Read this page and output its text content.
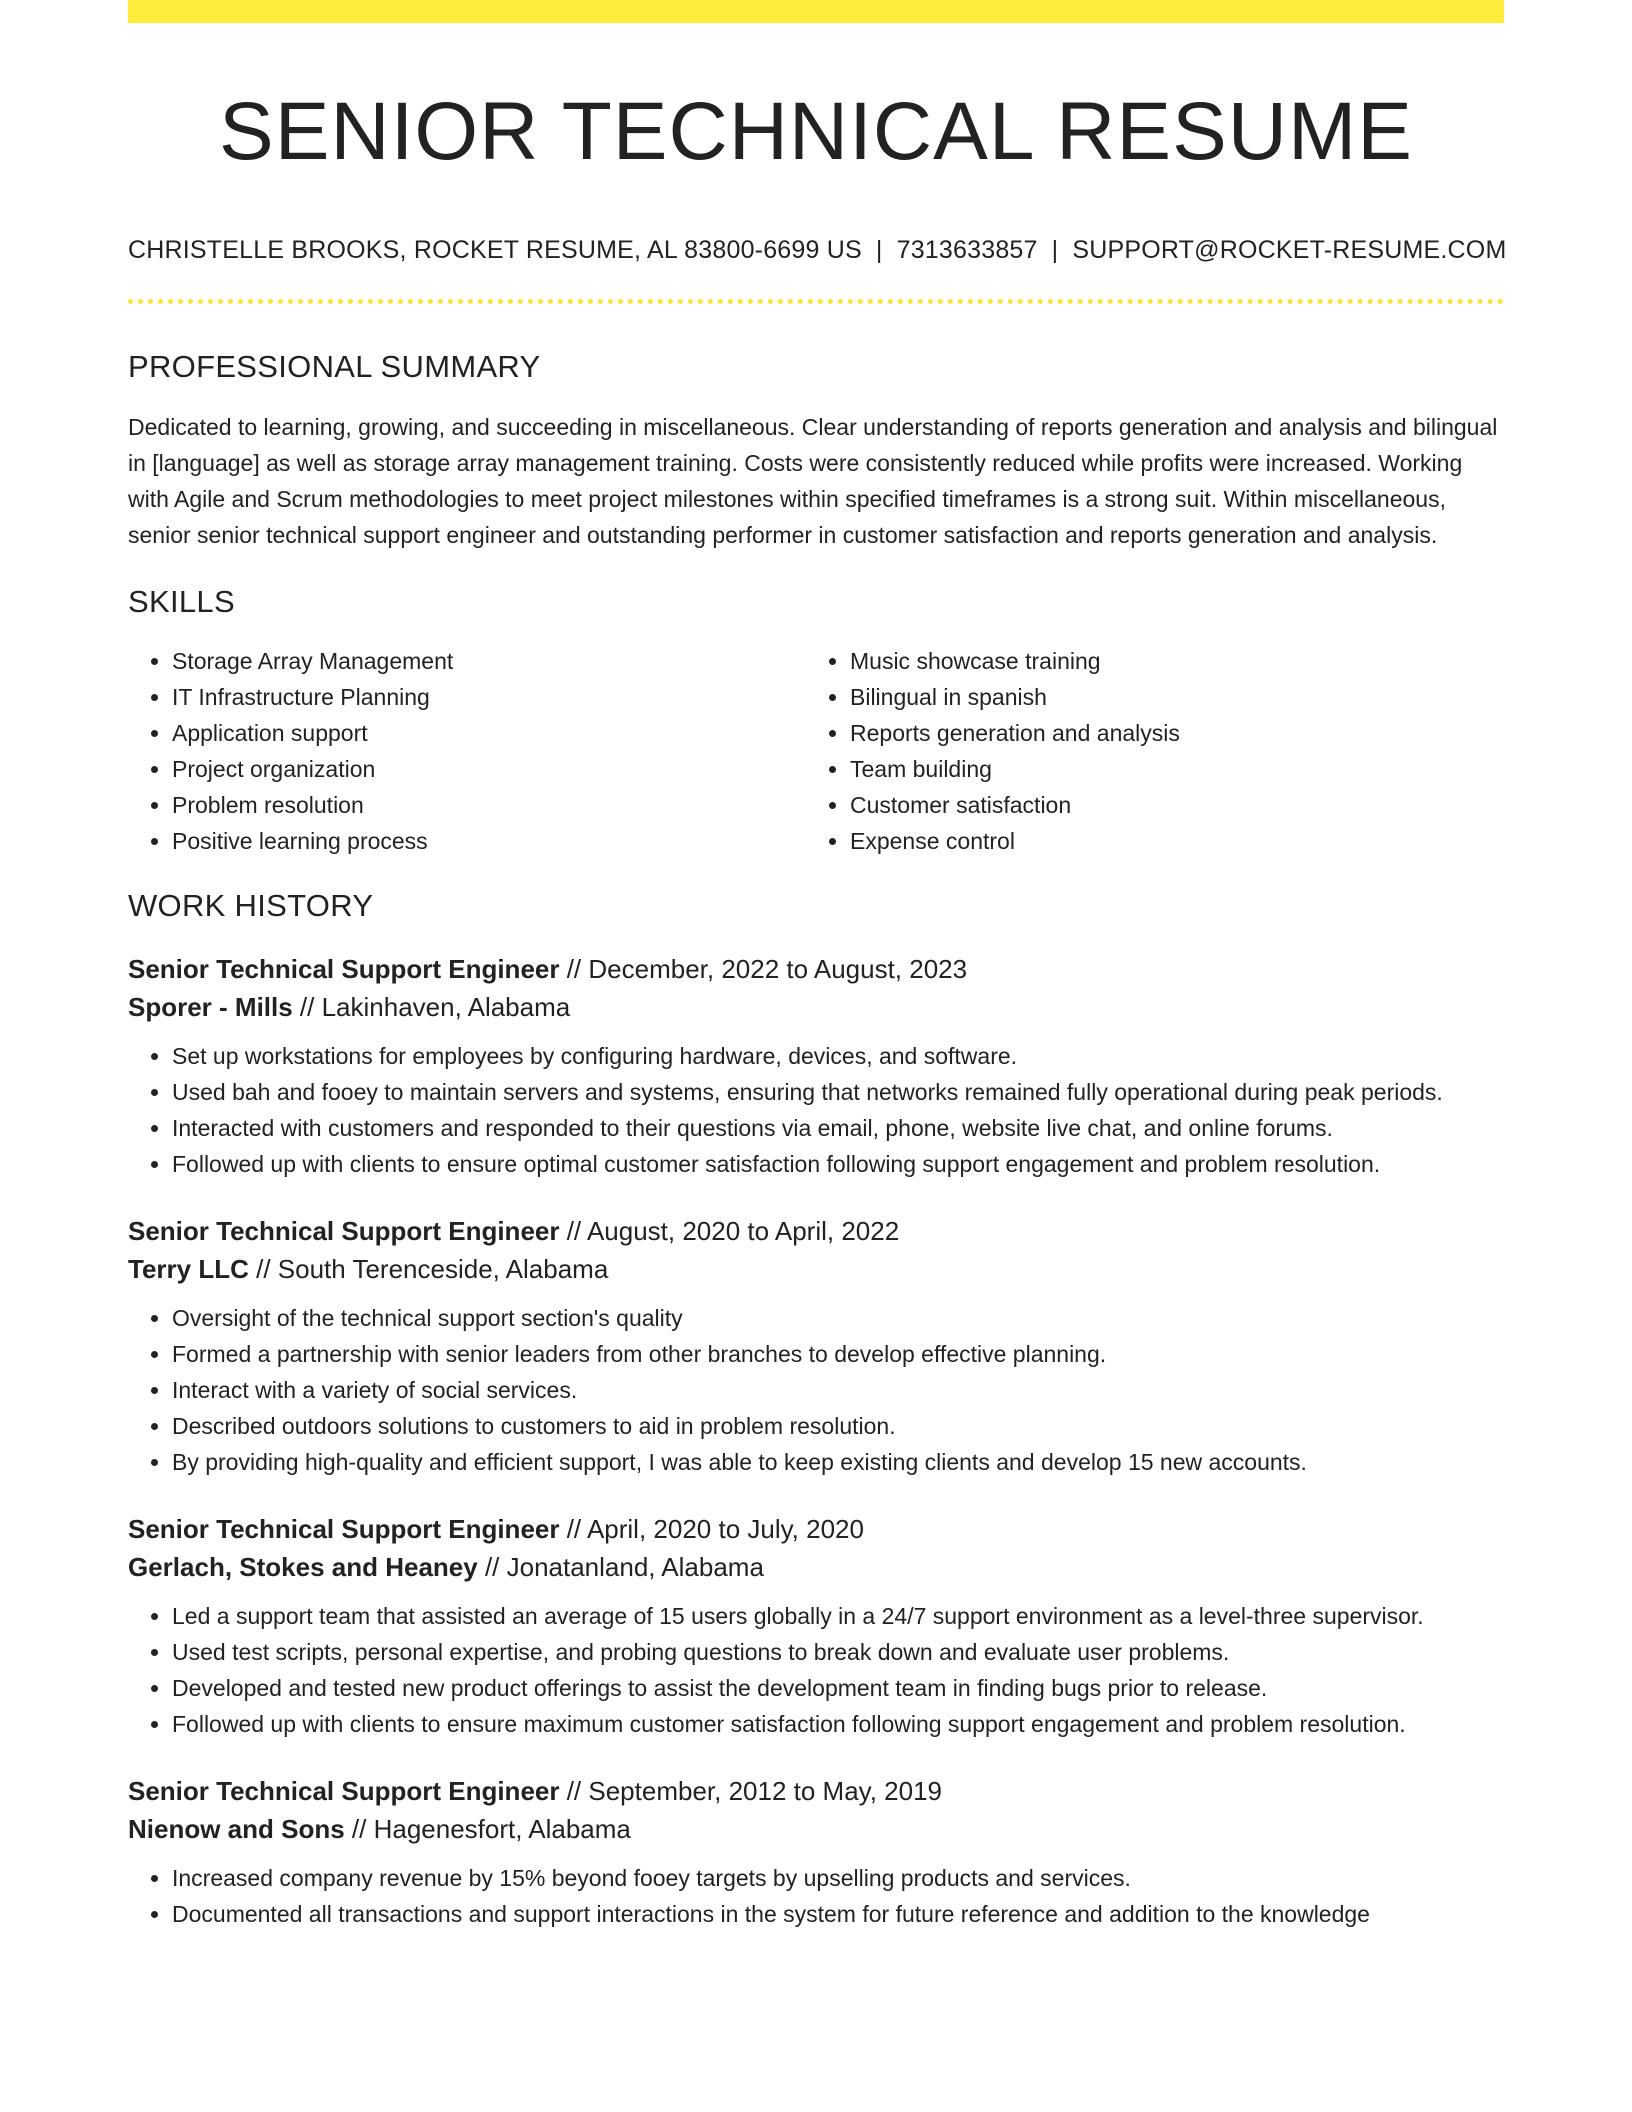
SENIOR TECHNICAL RESUME
CHRISTELLE BROOKS, ROCKET RESUME, AL 83800-6699 US | 7313633857 | SUPPORT@ROCKET-RESUME.COM
PROFESSIONAL SUMMARY

Dedicated to learning, growing, and succeeding in miscellaneous. Clear understanding of reports generation and analysis and bilingual in [language] as well as storage array management training. Costs were consistently reduced while profits were increased. Working with Agile and Scrum methodologies to meet project milestones within specified timeframes is a strong suit. Within miscellaneous, senior senior technical support engineer and outstanding performer in customer satisfaction and reports generation and analysis.

SKILLS
• Storage Array Management
• IT Infrastructure Planning
• Application support
• Project organization
• Problem resolution
• Positive learning process
• Music showcase training
• Bilingual in spanish
• Reports generation and analysis
• Team building
• Customer satisfaction
• Expense control
WORK HISTORY
Senior Technical Support Engineer // December, 2022 to August, 2023
Sporer - Mills // Lakinhaven, Alabama
• Set up workstations for employees by configuring hardware, devices, and software.
• Used bah and fooey to maintain servers and systems, ensuring that networks remained fully operational during peak periods.
• Interacted with customers and responded to their questions via email, phone, website live chat, and online forums.
• Followed up with clients to ensure optimal customer satisfaction following support engagement and problem resolution.
Senior Technical Support Engineer // August, 2020 to April, 2022
Terry LLC // South Terenceside, Alabama
• Oversight of the technical support section's quality
• Formed a partnership with senior leaders from other branches to develop effective planning.
• Interact with a variety of social services.
• Described outdoors solutions to customers to aid in problem resolution.
• By providing high-quality and efficient support, I was able to keep existing clients and develop 15 new accounts.
Senior Technical Support Engineer // April, 2020 to July, 2020
Gerlach, Stokes and Heaney // Jonatanland, Alabama
• Led a support team that assisted an average of 15 users globally in a 24/7 support environment as a level-three supervisor.
• Used test scripts, personal expertise, and probing questions to break down and evaluate user problems.
• Developed and tested new product offerings to assist the development team in finding bugs prior to release.
• Followed up with clients to ensure maximum customer satisfaction following support engagement and problem resolution.
Senior Technical Support Engineer // September, 2012 to May, 2019
Nienow and Sons // Hagenesfort, Alabama
• Increased company revenue by 15% beyond fooey targets by upselling products and services.
• Documented all transactions and support interactions in the system for future reference and addition to the knowledge
